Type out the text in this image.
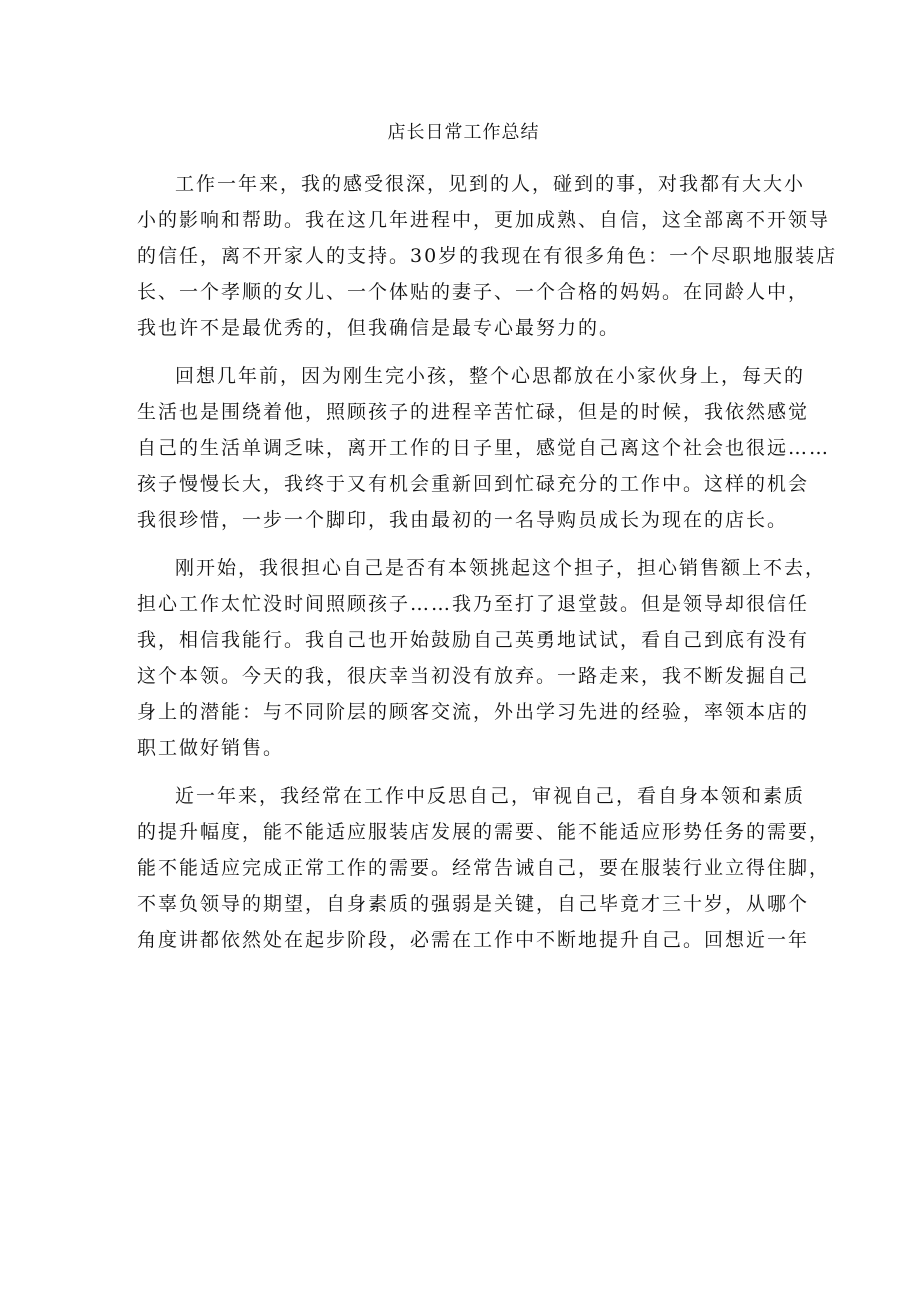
店长日常工作总结
工作一年来，我的感受很深，见到的人，碰到的事，对我都有大大小
小的影响和帮助。我在这几年进程中，更加成熟、自信，这全部离不开领导
的信任，离不开家人的支持。30岁的我现在有很多角色：一个尽职地服装店
长、一个孝顺的女儿、一个体贴的妻子、一个合格的妈妈。在同龄人中，
我也许不是最优秀的，但我确信是最专心最努力的。
回想几年前，因为刚生完小孩，整个心思都放在小家伙身上，每天的
生活也是围绕着他，照顾孩子的进程辛苦忙碌，但是的时候，我依然感觉
自己的生活单调乏味，离开工作的日子里，感觉自己离这个社会也很远……
孩子慢慢长大，我终于又有机会重新回到忙碌充分的工作中。这样的机会
我很珍惜，一步一个脚印，我由最初的一名导购员成长为现在的店长。
刚开始，我很担心自己是否有本领挑起这个担子，担心销售额上不去，
担心工作太忙没时间照顾孩子……我乃至打了退堂鼓。但是领导却很信任
我，相信我能行。我自己也开始鼓励自己英勇地试试，看自己到底有没有
这个本领。今天的我，很庆幸当初没有放弃。一路走来，我不断发掘自己
身上的潜能：与不同阶层的顾客交流，外出学习先进的经验，率领本店的
职工做好销售。
近一年来，我经常在工作中反思自己，审视自己，看自身本领和素质
的提升幅度，能不能适应服装店发展的需要、能不能适应形势任务的需要，
能不能适应完成正常工作的需要。经常告诫自己，要在服装行业立得住脚，
不辜负领导的期望，自身素质的强弱是关键，自己毕竟才三十岁，从哪个
角度讲都依然处在起步阶段，必需在工作中不断地提升自己。回想近一年
